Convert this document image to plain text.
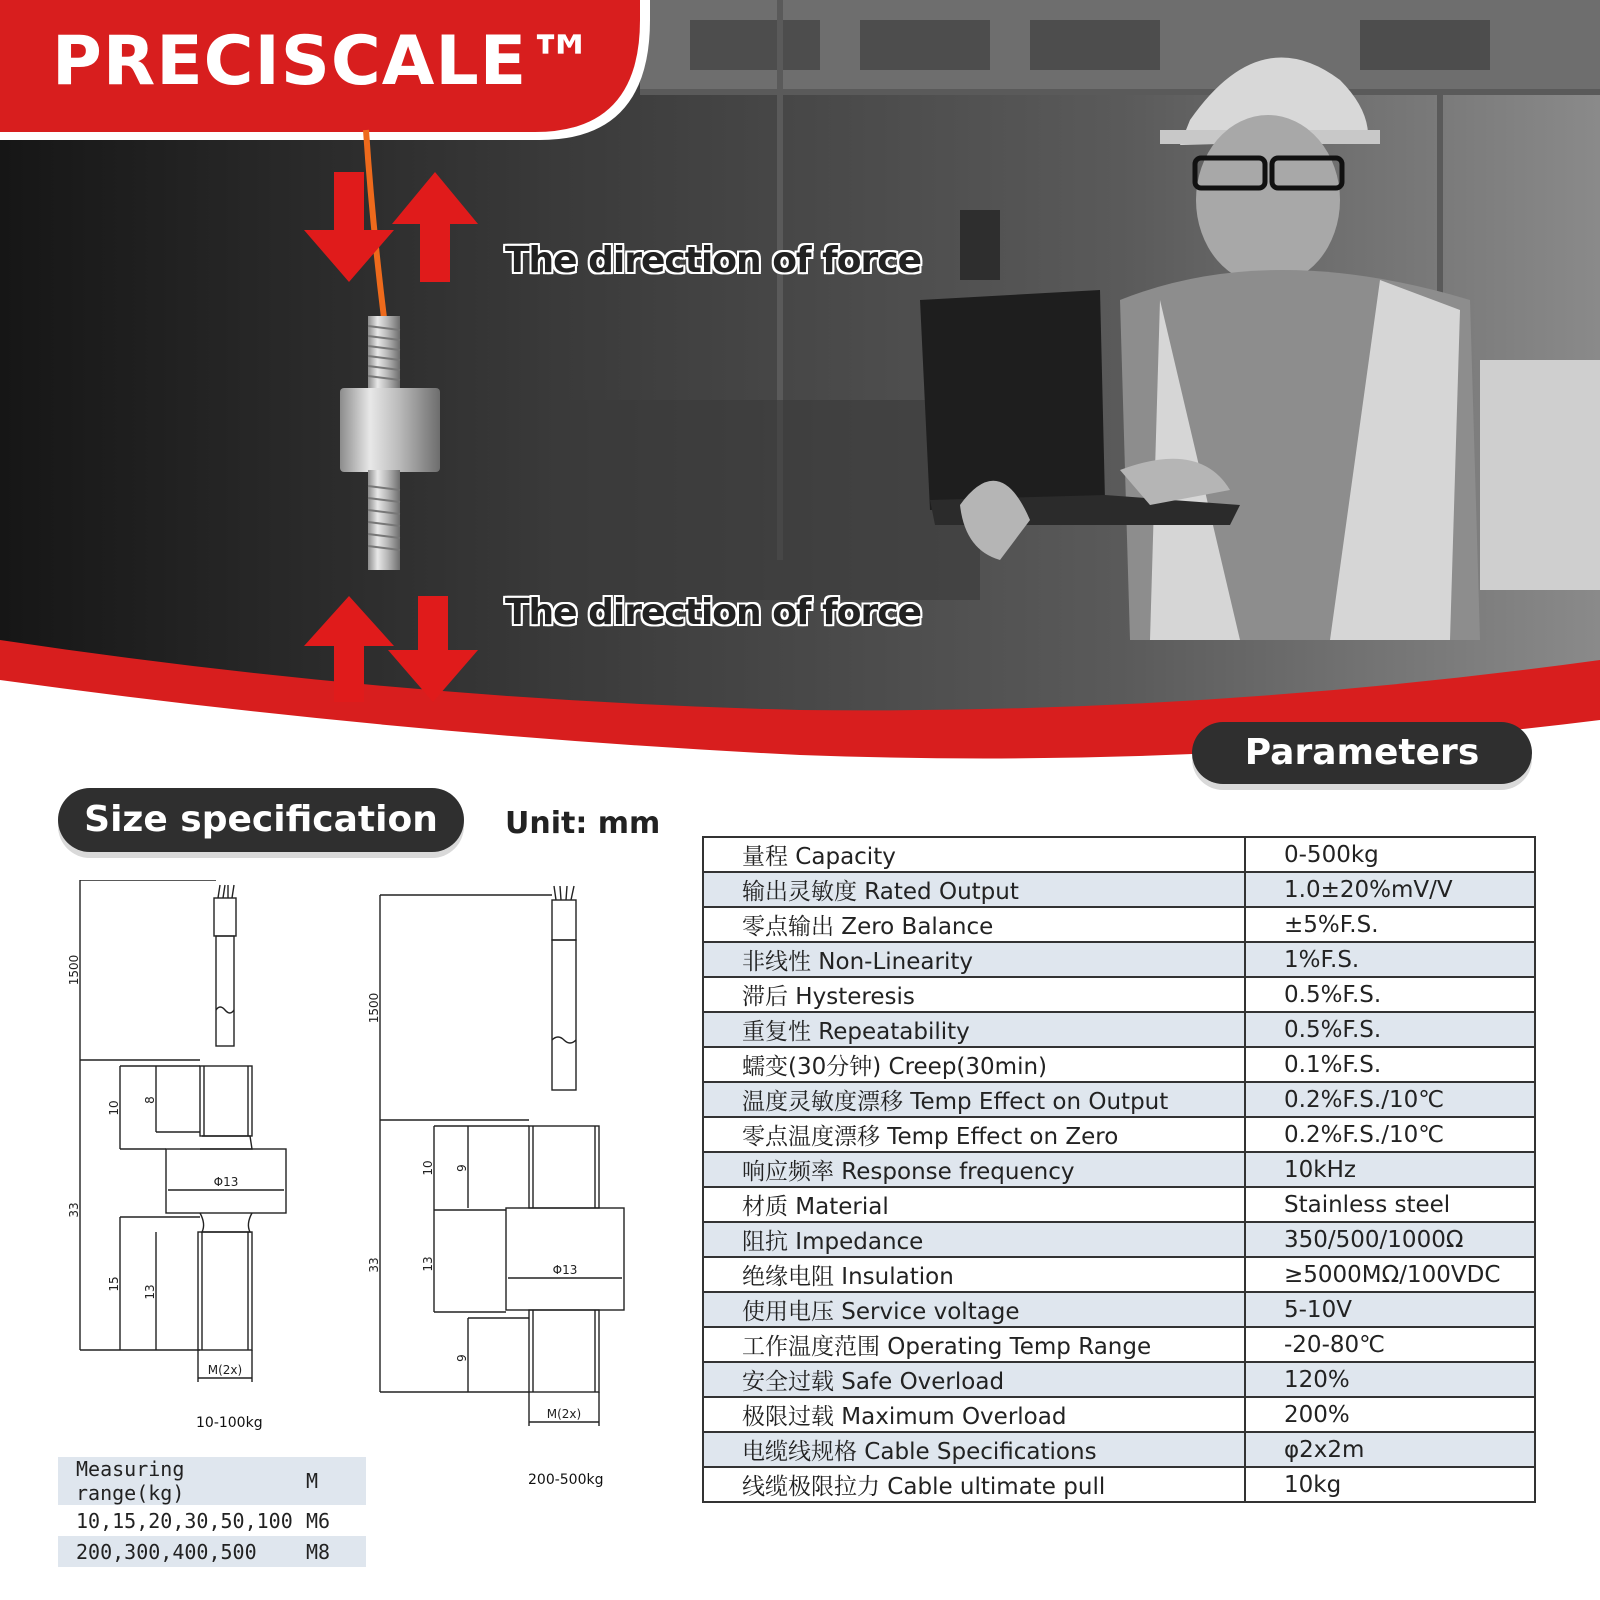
PRECISCALE™
The direction of force
The direction of force
Parameters
Size specification	Unit: mm
1500
33
10
8
15
13
Φ13
M(2x)
10-100kg
1500
33
10 9
13
9
Φ13
M(2x)
200-500kg
Measuring range(kg)	M
10,15,20,30,50,100	M6
200,300,400,500	M8
量程 Capacity	0-500kg
输出灵敏度 Rated Output	1.0±20%mV/V
零点输出 Zero Balance	±5%F.S.
非线性 Non-Linearity	1%F.S.
滞后 Hysteresis	0.5%F.S.
重复性 Repeatability	0.5%F.S.
蠕变(30分钟) Creep(30min)	0.1%F.S.
温度灵敏度漂移 Temp Effect on Output	0.2%F.S./10℃
零点温度漂移 Temp Effect on Zero	0.2%F.S./10℃
响应频率 Response frequency	10kHz
材质 Material	Stainless steel
阻抗 Impedance	350/500/1000Ω
绝缘电阻 Insulation	≥5000MΩ/100VDC
使用电压 Service voltage	5-10V
工作温度范围 Operating Temp Range	-20-80℃
安全过载 Safe Overload	120%
极限过载 Maximum Overload	200%
电缆线规格 Cable Specifications	φ2x2m
线缆极限拉力 Cable ultimate pull	10kg
